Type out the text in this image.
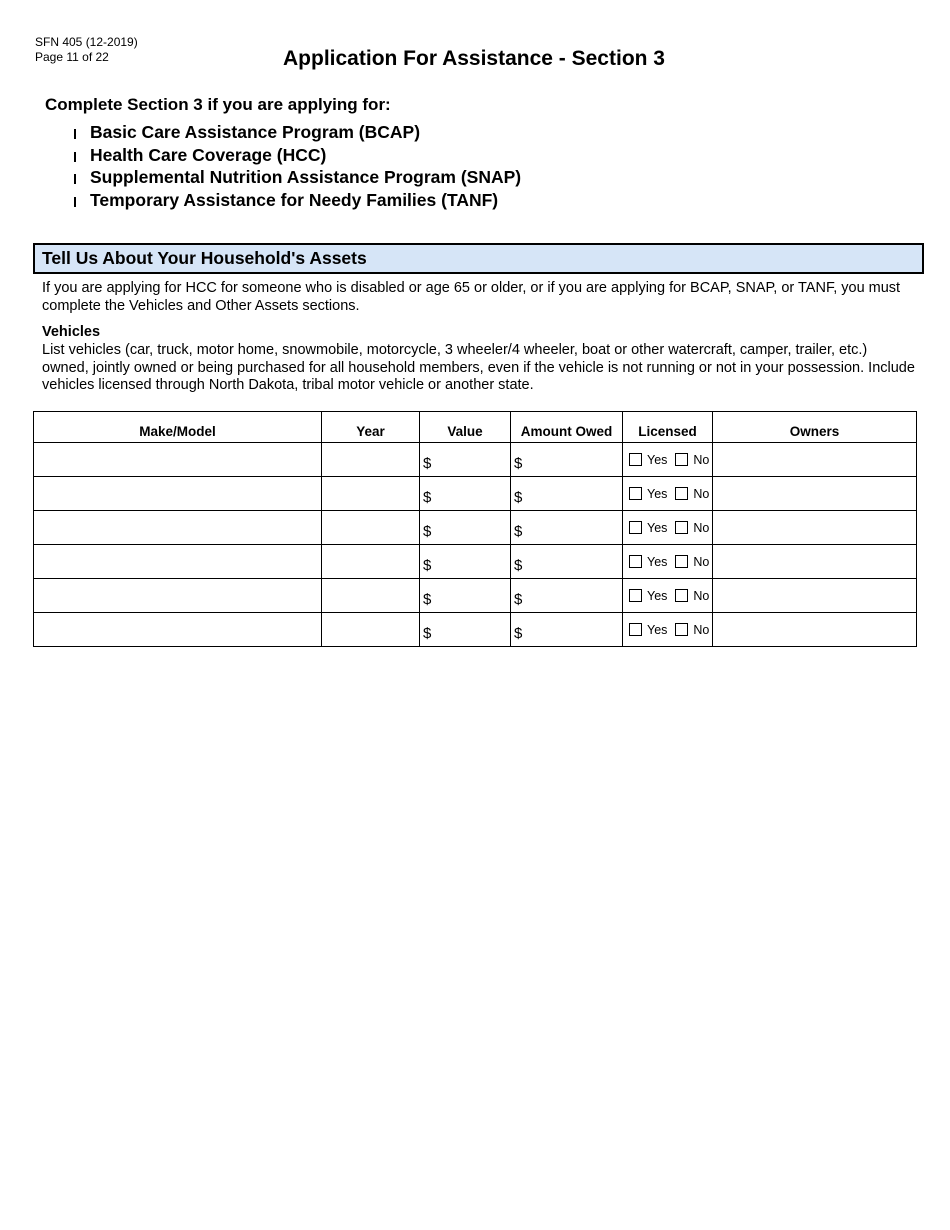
SFN 405 (12-2019)
Page 11 of 22	Application For Assistance - Section 3
Complete Section 3 if you are applying for:
Basic Care Assistance Program (BCAP)
Health Care Coverage (HCC)
Supplemental Nutrition Assistance Program (SNAP)
Temporary Assistance for Needy Families (TANF)
Tell Us About Your Household's Assets
If you are applying for HCC for someone who is disabled or age 65 or older, or if you are applying for BCAP, SNAP, or TANF, you must complete the Vehicles and Other Assets sections.
Vehicles
List vehicles (car, truck, motor home, snowmobile, motorcycle, 3 wheeler/4 wheeler, boat or other watercraft, camper, trailer, etc.) owned, jointly owned or being purchased for all household members, even if the vehicle is not running or not in your possession. Include vehicles licensed through North Dakota, tribal motor vehicle or another state.
Make/Model	Year	Value	Amount Owed	Licensed	Owners

		$	$	Yes No	

		$	$	Yes No	

		$	$	Yes No	

		$	$	Yes No	

		$	$	Yes No	

		$	$	Yes No	
